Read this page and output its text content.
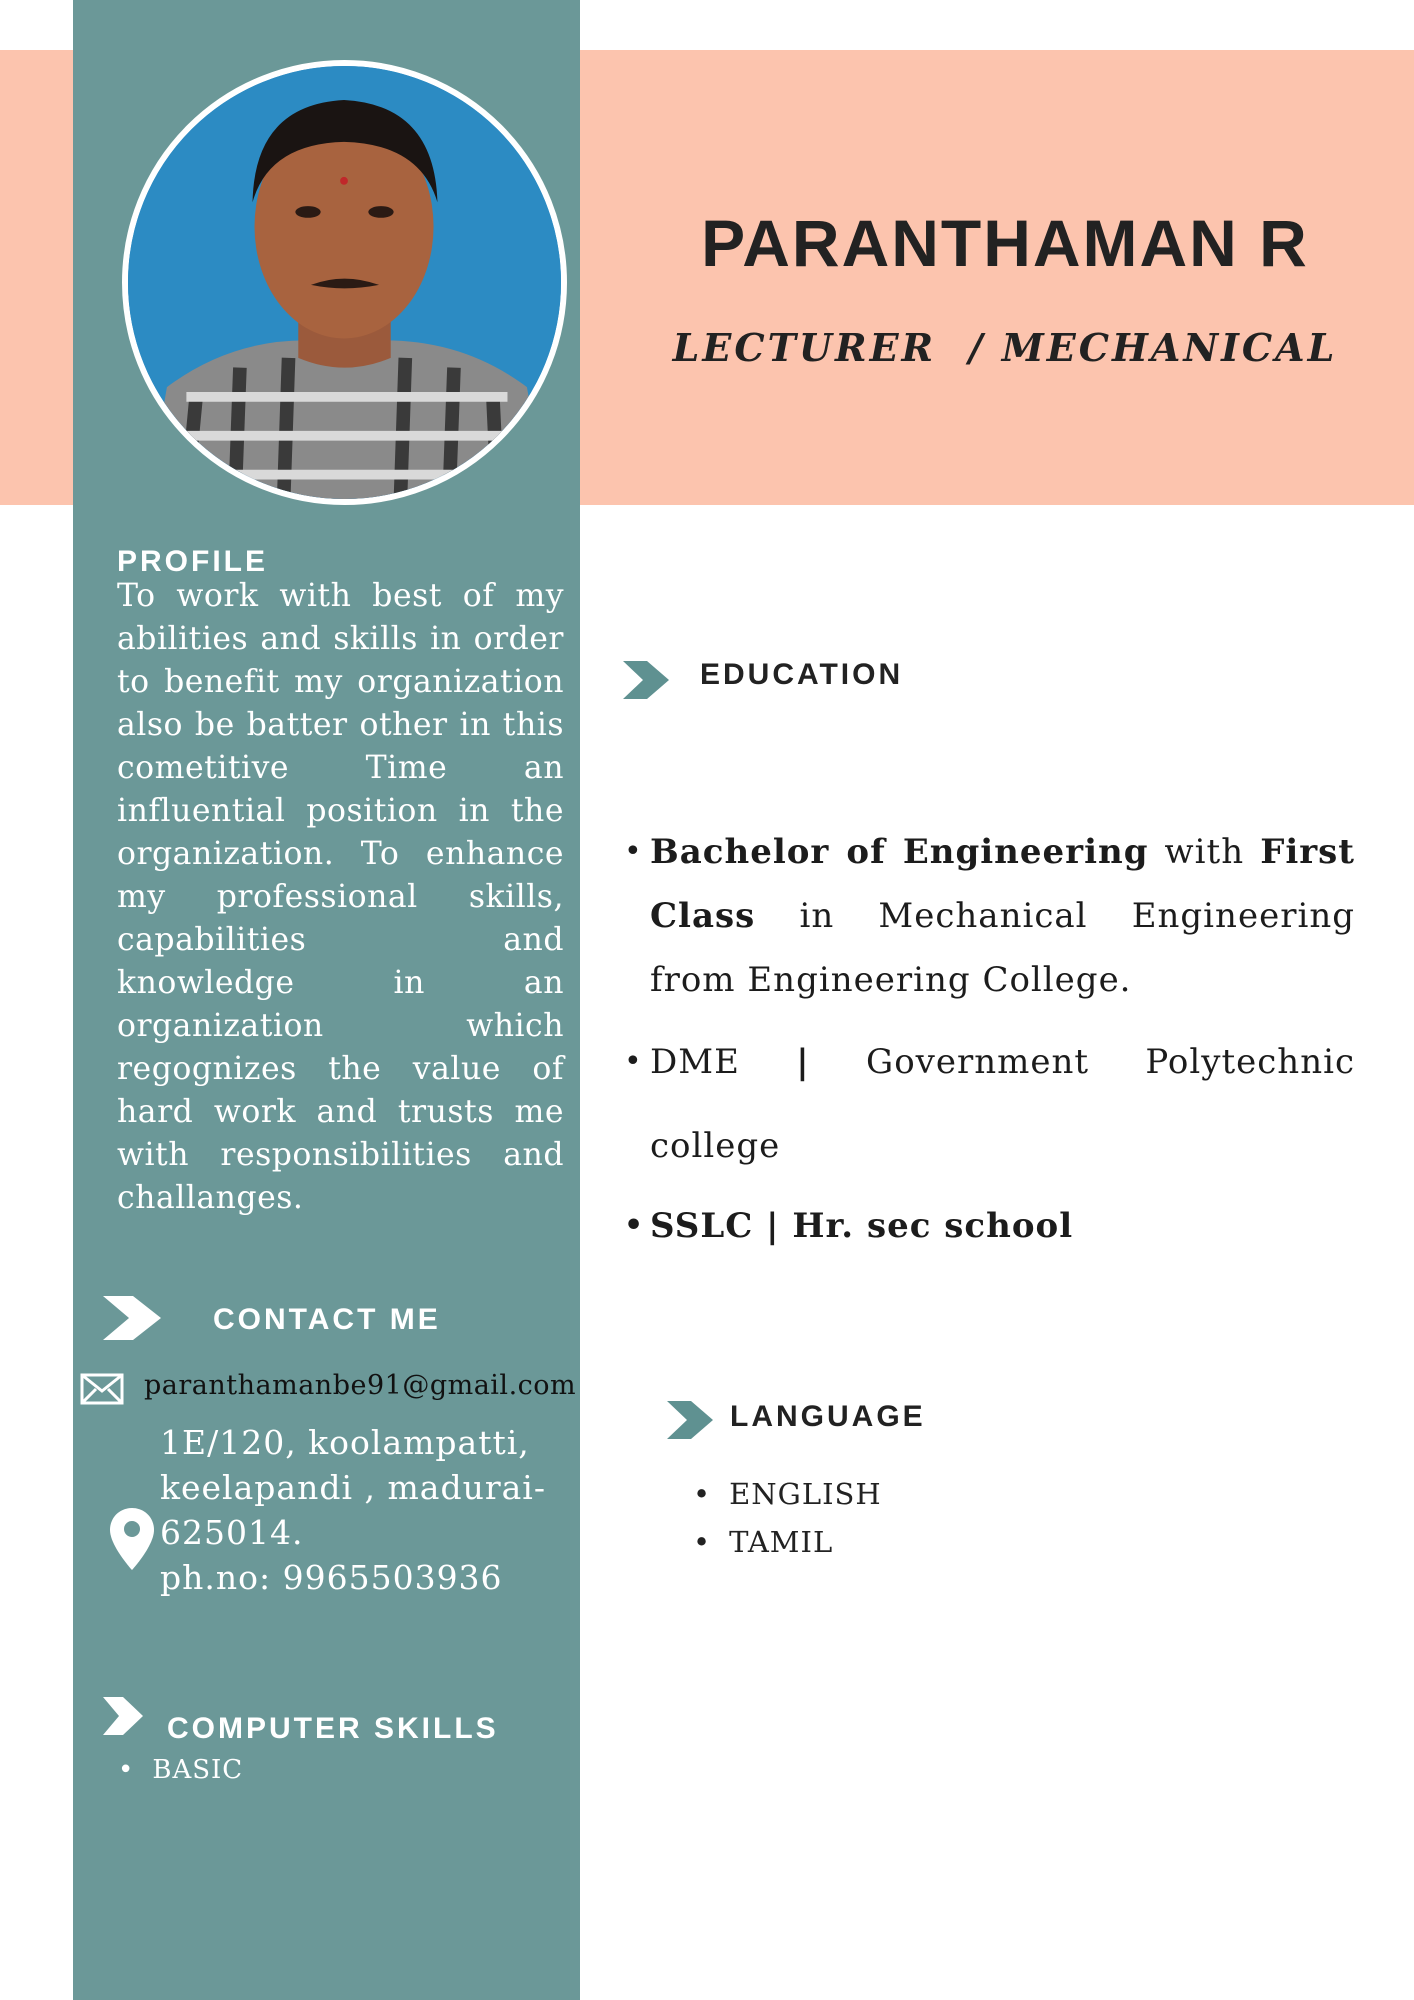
PARANTHAMAN R
LECTURER  / MECHANICAL
PROFILE
To work with best of my abilities and skills in order to benefit my organization also be batter other in this cometitive Time an influential position in the organization. To enhance my professional skills, capabilities and knowledge in an organization which regognizes the value of hard work and trusts me with responsibilities and challanges.
CONTACT ME
paranthamanbe91@gmail.com
1E/120, koolampatti,
keelapandi , madurai-
625014.
ph.no: 9965503936
COMPUTER SKILLS
• BASIC
EDUCATION
• Bachelor of Engineering with First Class in Mechanical Engineering from Engineering College.
• DME | Government Polytechnic college
• SSLC | Hr. sec school
LANGUAGE
• ENGLISH
• TAMIL
